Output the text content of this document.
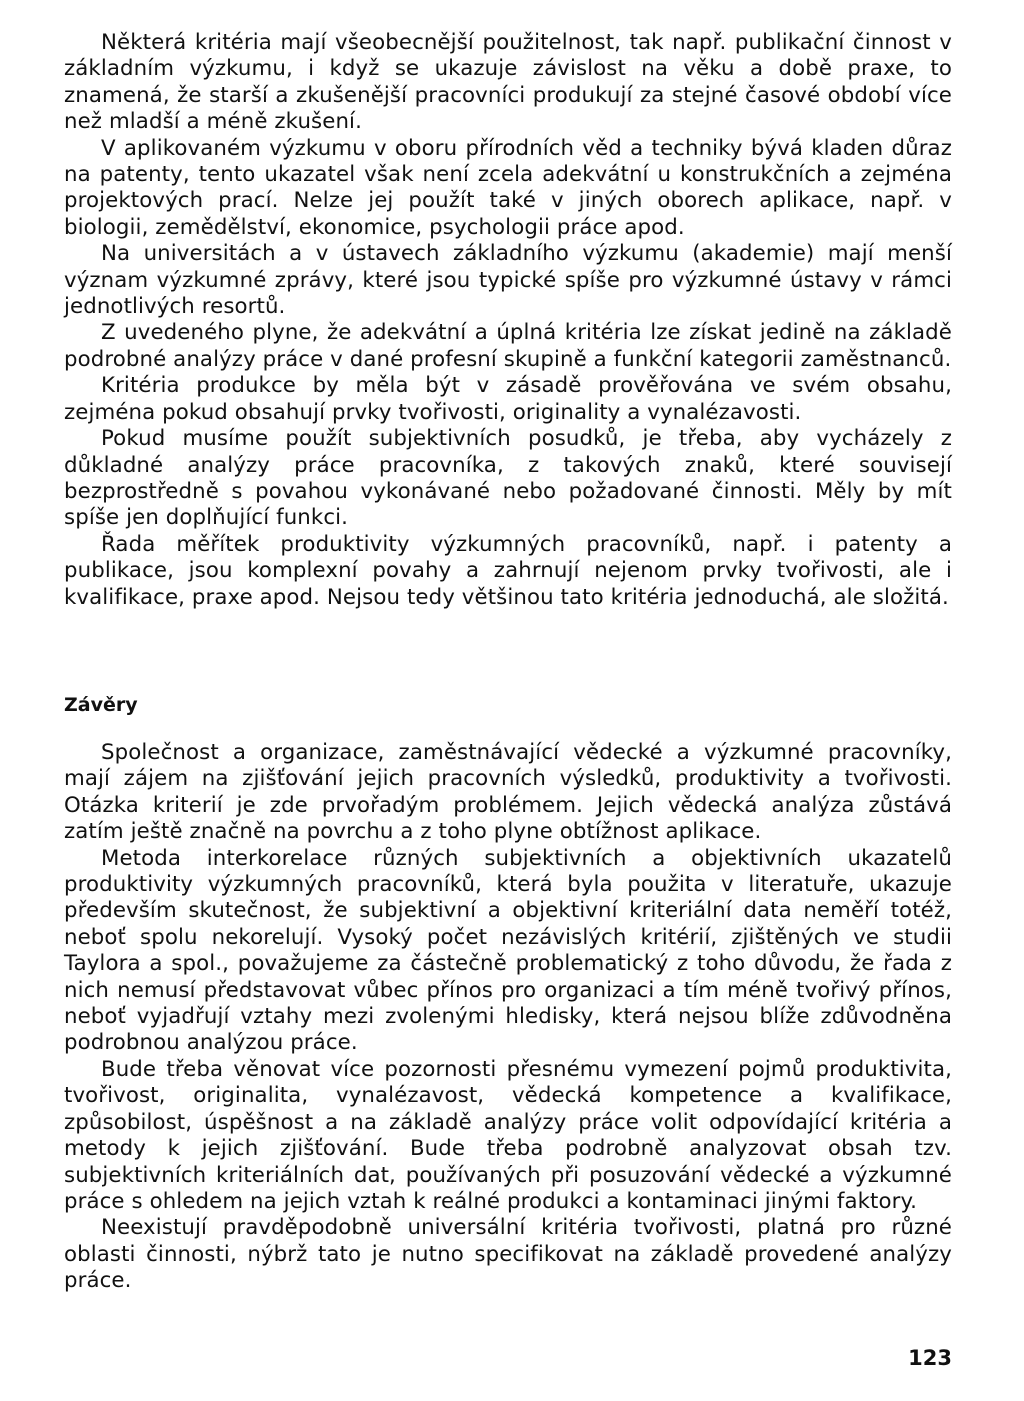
Některá kritéria mají všeobecnější použitelnost, tak např. publikační činnost v základním výzkumu, i když se ukazuje závislost na věku a době praxe, to znamená, že starší a zkušenější pracovníci produkují za stejné časové období více než mladší a méně zkušení.

V aplikovaném výzkumu v oboru přírodních věd a techniky bývá kladen důraz na patenty, tento ukazatel však není zcela adekvátní u konstrukčních a zejména projektových prací. Nelze jej použít také v jiných oborech aplikace, např. v biologii, zemědělství, ekonomice, psychologii práce apod.

Na universitách a v ústavech základního výzkumu (akademie) mají menší význam výzkumné zprávy, které jsou typické spíše pro výzkumné ústavy v rámci jednotlivých resortů.

Z uvedeného plyne, že adekvátní a úplná kritéria lze získat jedině na základě podrobné analýzy práce v dané profesní skupině a funkční kategorii zaměstnanců.

Kritéria produkce by měla být v zásadě prověřována ve svém obsahu, zejména pokud obsahují prvky tvořivosti, originality a vynalézavosti.

Pokud musíme použít subjektivních posudků, je třeba, aby vycházely z důkladné analýzy práce pracovníka, z takových znaků, které souvisejí bezprostředně s povahou vykonávané nebo požadované činnosti. Měly by mít spíše jen doplňující funkci.

Řada měřítek produktivity výzkumných pracovníků, např. i patenty a publikace, jsou komplexní povahy a zahrnují nejenom prvky tvořivosti, ale i kvalifikace, praxe apod. Nejsou tedy většinou tato kritéria jednoduchá, ale složitá.

Závěry

Společnost a organizace, zaměstnávající vědecké a výzkumné pracovníky, mají zájem na zjišťování jejich pracovních výsledků, produktivity a tvořivosti. Otázka kriterií je zde prvořadým problémem. Jejich vědecká analýza zůstává zatím ještě značně na povrchu a z toho plyne obtížnost aplikace.

Metoda interkorelace různých subjektivních a objektivních ukazatelů produktivity výzkumných pracovníků, která byla použita v literatuře, ukazuje především skutečnost, že subjektivní a objektivní kriteriální data neměří totéž, neboť spolu nekorelují. Vysoký počet nezávislých kritérií, zjištěných ve studii Taylora a spol., považujeme za částečně problematický z toho důvodu, že řada z nich nemusí představovat vůbec přínos pro organizaci a tím méně tvořivý přínos, neboť vyjadřují vztahy mezi zvolenými hledisky, která nejsou blíže zdůvodněna podrobnou analýzou práce.

Bude třeba věnovat více pozornosti přesnému vymezení pojmů produktivita, tvořivost, originalita, vynalézavost, vědecká kompetence a kvalifikace, způsobilost, úspěšnost a na základě analýzy práce volit odpovídající kritéria a metody k jejich zjišťování. Bude třeba podrobně analyzovat obsah tzv. subjektivních kriteriálních dat, používaných při posuzování vědecké a výzkumné práce s ohledem na jejich vztah k reálné produkci a kontaminaci jinými faktory.

Neexistují pravděpodobně universální kritéria tvořivosti, platná pro různé oblasti činnosti, nýbrž tato je nutno specifikovat na základě provedené analýzy práce.

123
